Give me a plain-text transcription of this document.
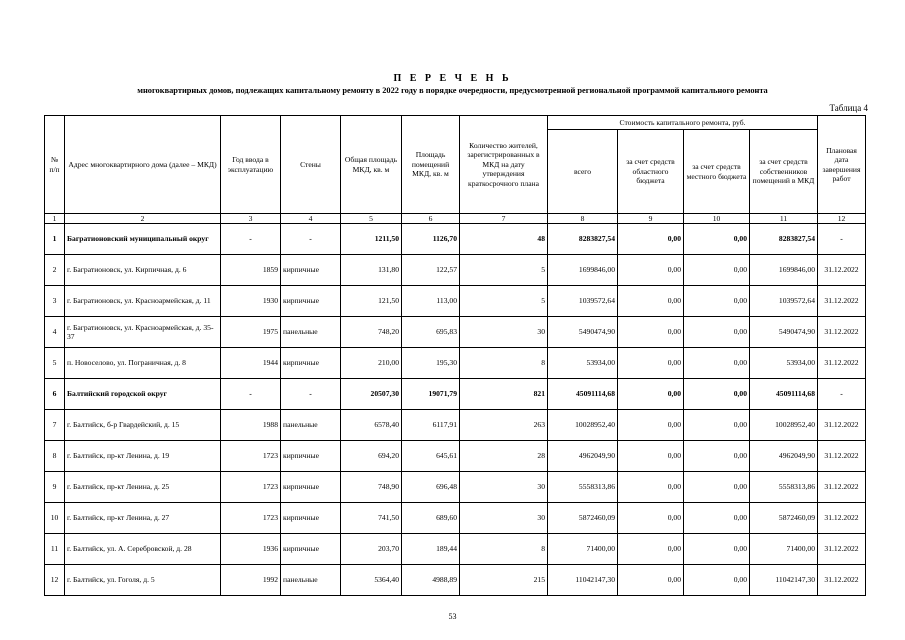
П Е Р Е Ч Е Н Ь
многоквартирных домов, подлежащих капитальному ремонту в 2022 году в порядке очередности, предусмотренной региональной программой капитального ремонта
Таблица 4
№ п/п	Адрес многоквартирного дома (далее – МКД)	Год ввода в эксплуатацию	Стены	Общая площадь МКД, кв. м	Площадь помещений МКД, кв. м	Количество жителей, зарегистрированных в МКД на дату утверждения краткосрочного плана	Стоимость капитального ремонта, руб.				Плановая дата завершения работ
							всего	за счет средств областного бюджета	за счет средств местного бюджета	за счет средств собственников помещений в МКД	
1	2	3	4	5	6	7	8	9	10	11	12
1	Багратионовский муниципальный округ	-	-	1211,50	1126,70	48	8283827,54	0,00	0,00	8283827,54	-
2	г. Багратионовск, ул. Кирпичная, д. 6	1859	кирпичные	131,80	122,57	5	1699846,00	0,00	0,00	1699846,00	31.12.2022
3	г. Багратионовск, ул. Красноармейская, д. 11	1930	кирпичные	121,50	113,00	5	1039572,64	0,00	0,00	1039572,64	31.12.2022
4	г. Багратионовск, ул. Красноармейская, д. 35-37	1975	панельные	748,20	695,83	30	5490474,90	0,00	0,00	5490474,90	31.12.2022
5	п. Новоселово, ул. Пограничная, д. 8	1944	кирпичные	210,00	195,30	8	53934,00	0,00	0,00	53934,00	31.12.2022
6	Балтийский городской округ	-	-	20507,30	19071,79	821	45091114,68	0,00	0,00	45091114,68	-
7	г. Балтийск, б-р Гвардейский, д. 15	1988	панельные	6578,40	6117,91	263	10028952,40	0,00	0,00	10028952,40	31.12.2022
8	г. Балтийск, пр-кт Ленина, д. 19	1723	кирпичные	694,20	645,61	28	4962049,90	0,00	0,00	4962049,90	31.12.2022
9	г. Балтийск, пр-кт Ленина, д. 25	1723	кирпичные	748,90	696,48	30	5558313,86	0,00	0,00	5558313,86	31.12.2022
10	г. Балтийск, пр-кт Ленина, д. 27	1723	кирпичные	741,50	689,60	30	5872460,09	0,00	0,00	5872460,09	31.12.2022
11	г. Балтийск, ул. А. Серебровской, д. 28	1936	кирпичные	203,70	189,44	8	71400,00	0,00	0,00	71400,00	31.12.2022
12	г. Балтийск, ул. Гоголя, д. 5	1992	панельные	5364,40	4988,89	215	11042147,30	0,00	0,00	11042147,30	31.12.2022
53
